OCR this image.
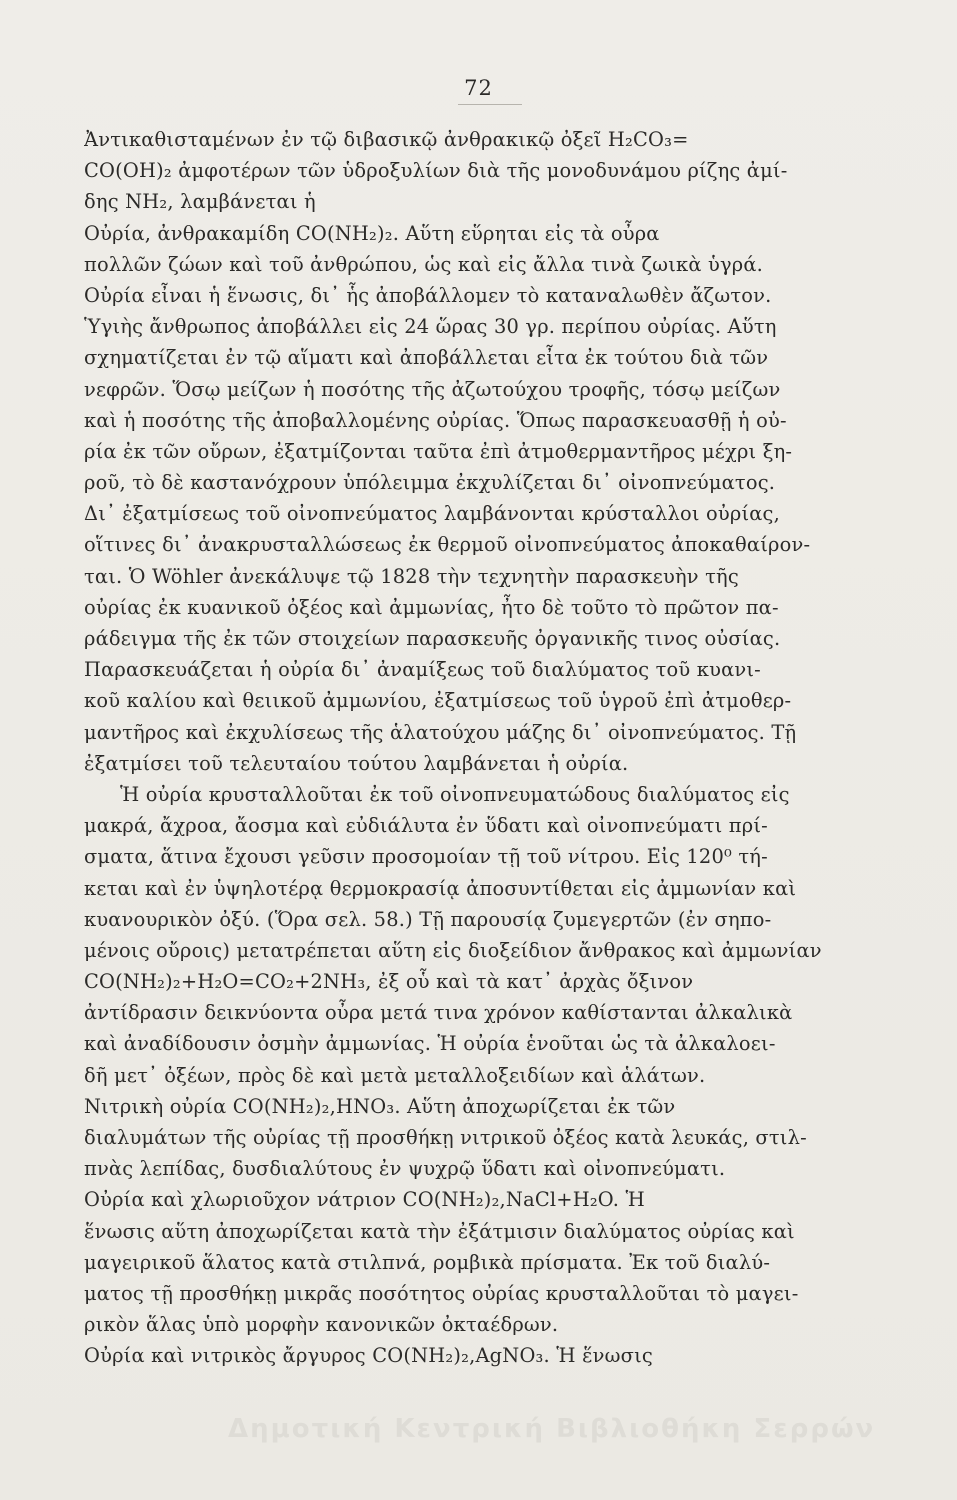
72
Ἀντικαθισταμένων ἐν τῷ διβασικῷ ἀνθρακικῷ ὀξεῖ H₂CO₃=
CO(OH)₂ ἀμφοτέρων τῶν ὑδροξυλίων διὰ τῆς μονοδυνάμου ρίζης ἀμί-
δης NH₂, λαμβάνεται ἡ
Οὐρία, ἀνθρακαμίδη CO(NH₂)₂. Αὕτη εὕρηται εἰς τὰ οὖρα
πολλῶν ζώων καὶ τοῦ ἀνθρώπου, ὡς καὶ εἰς ἄλλα τινὰ ζωικὰ ὑγρά.
Οὐρία εἶναι ἡ ἕνωσις, δι᾽ ἧς ἀποβάλλομεν τὸ καταναλωθὲν ἄζωτον.
Ὑγιὴς ἄνθρωπος ἀποβάλλει εἰς 24 ὥρας 30 γρ. περίπου οὐρίας. Αὕτη
σχηματίζεται ἐν τῷ αἵματι καὶ ἀποβάλλεται εἶτα ἐκ τούτου διὰ τῶν
νεφρῶν. Ὅσῳ μείζων ἡ ποσότης τῆς ἀζωτούχου τροφῆς, τόσῳ μείζων
καὶ ἡ ποσότης τῆς ἀποβαλλομένης οὐρίας. Ὅπως παρασκευασθῇ ἡ οὐ-
ρία ἐκ τῶν οὔρων, ἐξατμίζονται ταῦτα ἐπὶ ἀτμοθερμαντῆρος μέχρι ξη-
ροῦ, τὸ δὲ καστανόχρουν ὑπόλειμμα ἐκχυλίζεται δι᾽ οἰνοπνεύματος.
Δι᾽ ἐξατμίσεως τοῦ οἰνοπνεύματος λαμβάνονται κρύσταλλοι οὐρίας,
οἵτινες δι᾽ ἀνακρυσταλλώσεως ἐκ θερμοῦ οἰνοπνεύματος ἀποκαθαίρον-
ται. Ὁ Wöhler ἀνεκάλυψε τῷ 1828 τὴν τεχνητὴν παρασκευὴν τῆς
οὐρίας ἐκ κυανικοῦ ὀξέος καὶ ἀμμωνίας, ἦτο δὲ τοῦτο τὸ πρῶτον πα-
ράδειγμα τῆς ἐκ τῶν στοιχείων παρασκευῆς ὀργανικῆς τινος οὐσίας.
Παρασκευάζεται ἡ οὐρία δι᾽ ἀναμίξεως τοῦ διαλύματος τοῦ κυανι-
κοῦ καλίου καὶ θειικοῦ ἀμμωνίου, ἐξατμίσεως τοῦ ὑγροῦ ἐπὶ ἀτμοθερ-
μαντῆρος καὶ ἐκχυλίσεως τῆς ἁλατούχου μάζης δι᾽ οἰνοπνεύματος. Τῇ
ἐξατμίσει τοῦ τελευταίου τούτου λαμβάνεται ἡ οὐρία.
Ἡ οὐρία κρυσταλλοῦται ἐκ τοῦ οἰνοπνευματώδους διαλύματος εἰς
μακρά, ἄχροα, ἄοσμα καὶ εὐδιάλυτα ἐν ὕδατι καὶ οἰνοπνεύματι πρί-
σματα, ἅτινα ἔχουσι γεῦσιν προσομοίαν τῇ τοῦ νίτρου. Εἰς 120⁰ τή-
κεται καὶ ἐν ὑψηλοτέρᾳ θερμοκρασίᾳ ἀποσυντίθεται εἰς ἀμμωνίαν καὶ
κυανουρικὸν ὀξύ. (Ὅρα σελ. 58.) Τῇ παρουσίᾳ ζυμεγερτῶν (ἐν σηπο-
μένοις οὔροις) μετατρέπεται αὕτη εἰς διοξείδιον ἄνθρακος καὶ ἀμμωνίαν
CO(NH₂)₂+H₂O=CO₂+2NH₃, ἐξ οὗ καὶ τὰ κατ᾽ ἀρχὰς ὄξινον
ἀντίδρασιν δεικνύοντα οὖρα μετά τινα χρόνον καθίστανται ἀλκαλικὰ
καὶ ἀναδίδουσιν ὀσμὴν ἀμμωνίας. Ἡ οὐρία ἑνοῦται ὡς τὰ ἀλκαλοει-
δῆ μετ᾽ ὀξέων, πρὸς δὲ καὶ μετὰ μεταλλοξειδίων καὶ ἁλάτων.
Νιτρικὴ οὐρία CO(NH₂)₂,HNO₃. Αὕτη ἀποχωρίζεται ἐκ τῶν
διαλυμάτων τῆς οὐρίας τῇ προσθήκῃ νιτρικοῦ ὀξέος κατὰ λευκάς, στιλ-
πνὰς λεπίδας, δυσδιαλύτους ἐν ψυχρῷ ὕδατι καὶ οἰνοπνεύματι.
Οὐρία καὶ χλωριοῦχον νάτριον CO(NH₂)₂,NaCl+H₂O. Ἡ
ἕνωσις αὕτη ἀποχωρίζεται κατὰ τὴν ἐξάτμισιν διαλύματος οὐρίας καὶ
μαγειρικοῦ ἅλατος κατὰ στιλπνά, ρομβικὰ πρίσματα. Ἐκ τοῦ διαλύ-
ματος τῇ προσθήκῃ μικρᾶς ποσότητος οὐρίας κρυσταλλοῦται τὸ μαγει-
ρικὸν ἅλας ὑπὸ μορφὴν κανονικῶν ὀκταέδρων.
Οὐρία καὶ νιτρικὸς ἄργυρος CO(NH₂)₂,AgNO₃. Ἡ ἕνωσις
Δημοτική Κεντρική Βιβλιοθήκη Σερρών
